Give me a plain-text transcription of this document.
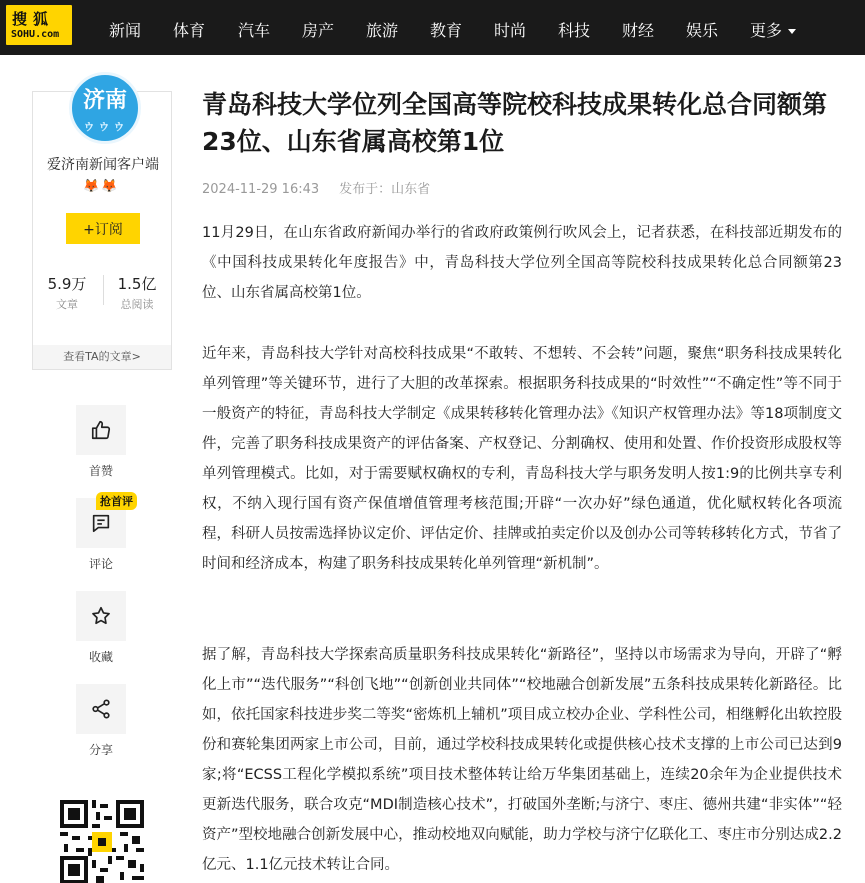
搜狐
SOHU.com	新闻 体育 汽车 房产 旅游 教育 时尚 科技 财经 娱乐 更多
济南
ゥゥゥ
爱济南新闻客户端
🦊🦊
+订阅
5.9万
文章
1.5亿
总阅读
查看TA的文章>
首赞
抢首评
评论
收藏
分享
青岛科技大学位列全国高等院校科技成果转化总合同额第23位、山东省属高校第1位
2024-11-29 16:43 发布于：山东省

11月29日，在山东省政府新闻办举行的省政府政策例行吹风会上，记者获悉，在科技部近期发布的《中国科技成果转化年度报告》中，青岛科技大学位列全国高等院校科技成果转化总合同额第23位、山东省属高校第1位。

近年来，青岛科技大学针对高校科技成果“不敢转、不想转、不会转”问题，聚焦“职务科技成果转化单列管理”等关键环节，进行了大胆的改革探索。根据职务科技成果的“时效性”“不确定性”等不同于一般资产的特征，青岛科技大学制定《成果转移转化管理办法》《知识产权管理办法》等18项制度文件，完善了职务科技成果资产的评估备案、产权登记、分割确权、使用和处置、作价投资形成股权等单列管理模式。比如，对于需要赋权确权的专利，青岛科技大学与职务发明人按1:9的比例共享专利权，不纳入现行国有资产保值增值管理考核范围;开辟“一次办好”绿色通道，优化赋权转化各项流程，科研人员按需选择协议定价、评估定价、挂牌或拍卖定价以及创办公司等转移转化方式，节省了时间和经济成本，构建了职务科技成果转化单列管理“新机制”。

据了解，青岛科技大学探索高质量职务科技成果转化“新路径”，坚持以市场需求为导向，开辟了“孵化上市”“迭代服务”“科创飞地”“创新创业共同体”“校地融合创新发展”五条科技成果转化新路径。比如，依托国家科技进步奖二等奖“密炼机上辅机”项目成立校办企业、学科性公司，相继孵化出软控股份和赛轮集团两家上市公司，目前，通过学校科技成果转化或提供核心技术支撑的上市公司已达到9家;将“ECSS工程化学模拟系统”项目技术整体转让给万华集团基础上，连续20余年为企业提供技术更新迭代服务，联合攻克“MDI制造核心技术”，打破国外垄断;与济宁、枣庄、德州共建“非实体”“轻资产”型校地融合创新发展中心，推动校地双向赋能，助力学校与济宁亿联化工、枣庄市分别达成2.2亿元、1.1亿元技术转让合同。
